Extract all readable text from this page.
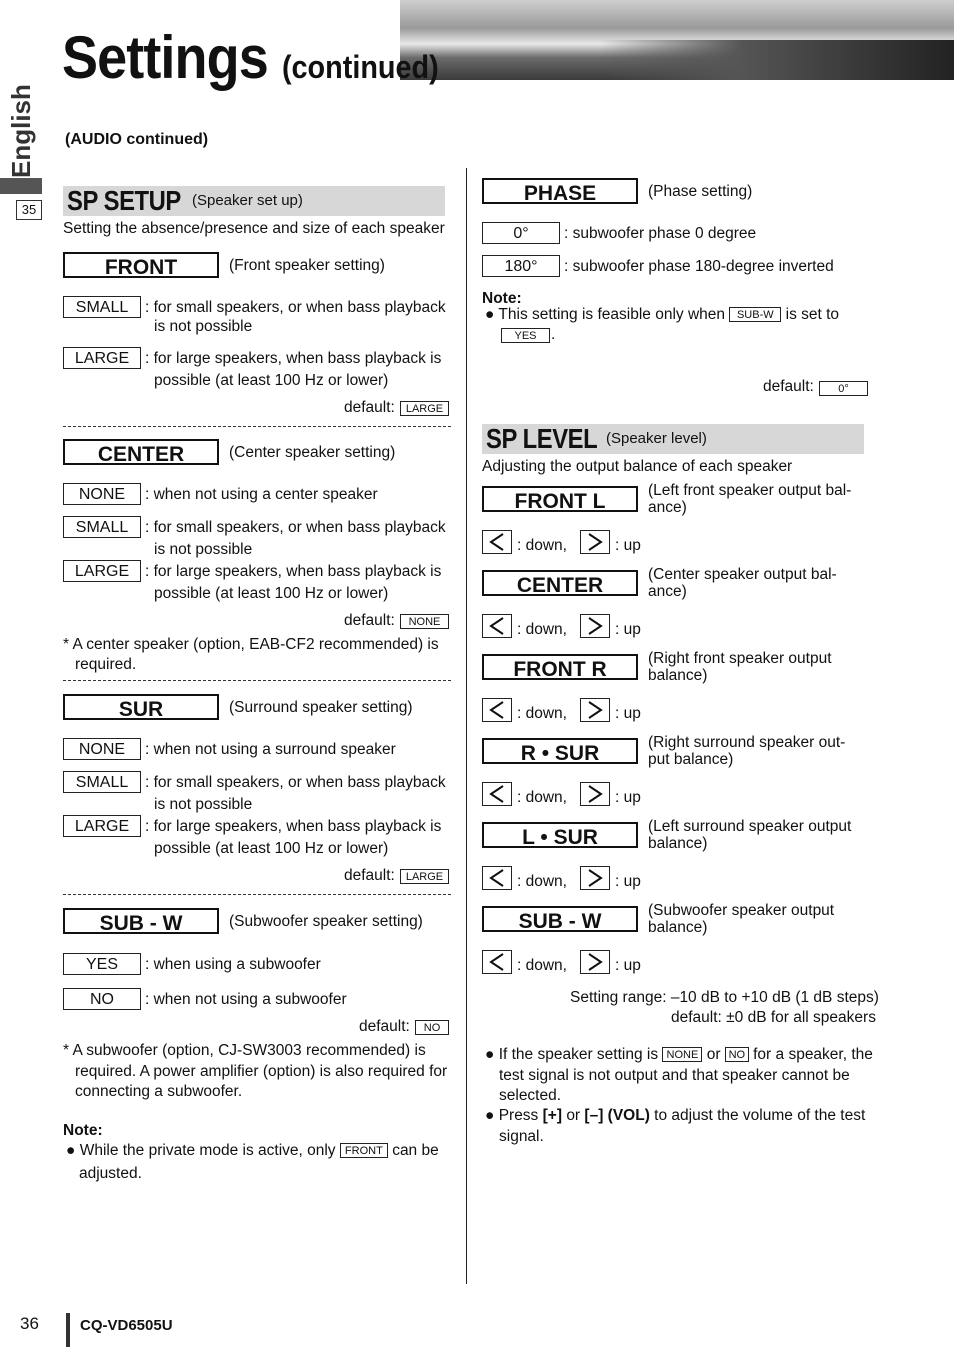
Settings (continued)
English
35
(AUDIO continued)
SP SETUP (Speaker set up)
Setting the absence/presence and size of each speaker
FRONT	(Front speaker setting)
SMALL	: for small speakers, or when bass playback
is not possible
LARGE	: for large speakers, when bass playback is
possible (at least 100 Hz or lower)
default: LARGE
CENTER	(Center speaker setting)
NONE	: when not using a center speaker
SMALL	: for small speakers, or when bass playback
is not possible
LARGE	: for large speakers, when bass playback is
possible (at least 100 Hz or lower)
default:	NONE
* A center speaker (option, EAB-CF2 recommended) is
required.
SUR	(Surround speaker setting)
NONE	: when not using a surround speaker
SMALL	: for small speakers, or when bass playback
is not possible
LARGE	: for large speakers, when bass playback is
possible (at least 100 Hz or lower)
default: LARGE
SUB - W	(Subwoofer speaker setting)
YES	: when using a subwoofer
NO	: when not using a subwoofer
default:	NO
* A subwoofer (option, CJ-SW3003 recommended) is
required. A power amplifier (option) is also required for
connecting a subwoofer.
Note:
● While the private mode is active, only FRONT can be
adjusted.
PHASE	(Phase setting)
0°	: subwoofer phase 0 degree
180°	: subwoofer phase 180-degree inverted
Note:
● This setting is feasible only when SUB-W is set to
YES .
default:	0°
SP LEVEL (Speaker level)
Adjusting the output balance of each speaker
FRONT L	(Left front speaker output bal-
ance)
: down,	: up
CENTER	(Center speaker output bal-
ance)
: down,	: up
FRONT R	(Right front speaker output
balance)
: down,	: up
R • SUR	(Right surround speaker out-
put balance)
: down,	: up
L • SUR	(Left surround speaker output
balance)
: down,	: up
SUB - W	(Subwoofer speaker output
balance)
: down,	: up
Setting range: –10 dB to +10 dB (1 dB steps)
default: ±0 dB for all speakers
● If the speaker setting is NONE or NO for a speaker, the
test signal is not output and that speaker cannot be
selected.
● Press [+] or [–] (VOL) to adjust the volume of the test
signal.
36	CQ-VD6505U
